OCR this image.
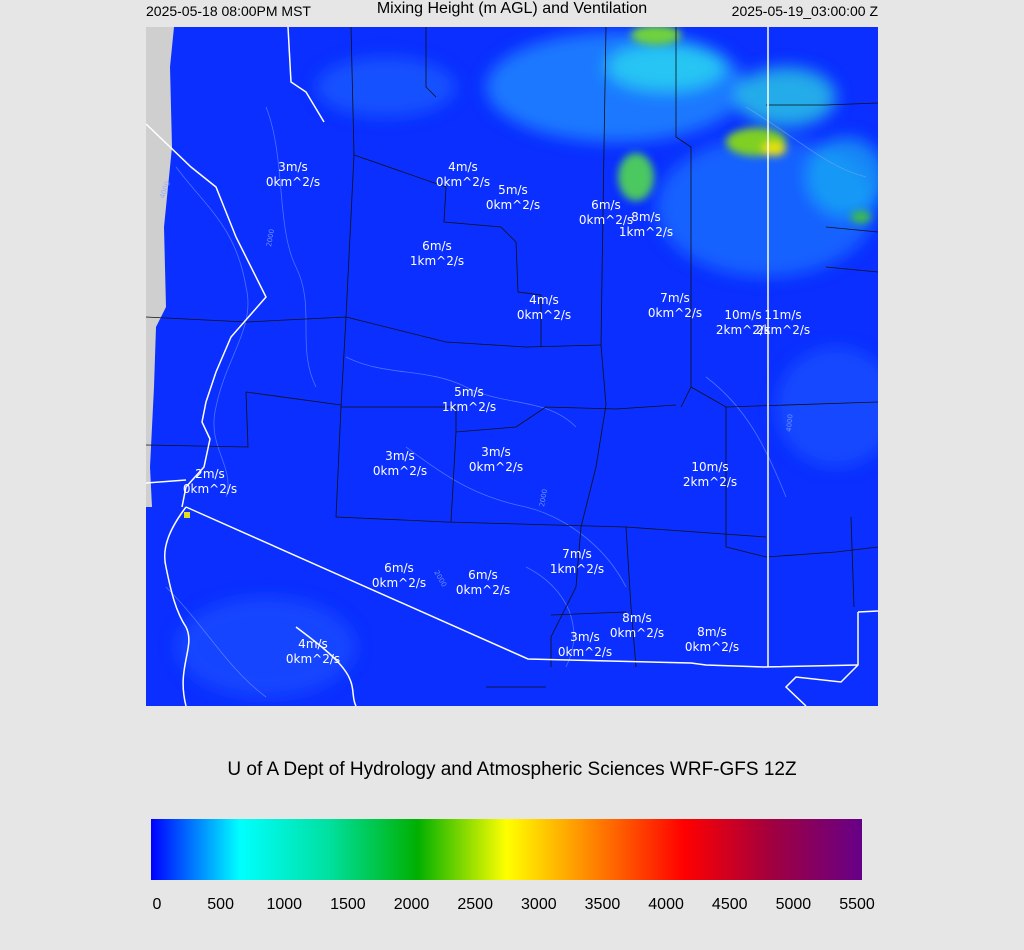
2025-05-18 08:00PM MST	Mixing Height (m AGL) and Ventilation	2025-05-19_03:00:00 Z
4000
2000
2000
2000
4000
3m/s
0km^2/s
4m/s
0km^2/s
5m/s
0km^2/s	6m/s
0km^2/s
8m/s
1km^2/s
6m/s
1km^2/s
4m/s
0km^2/s
7m/s
0km^2/s	10m/s
2km^2/s
11m/s
2km^2/s
5m/s
1km^2/s
3m/s
0km^2/s
3m/s
0km^2/s	10m/s
2km^2/s
2m/s
0km^2/s
7m/s
1km^2/s
6m/s
0km^2/s
6m/s
0km^2/s
8m/s
0km^2/s	8m/s
0km^2/s
3m/s
0km^2/s
4m/s
0km^2/s
U of A Dept of Hydrology and Atmospheric Sciences WRF-GFS 12Z
0	500 1000 1500 2000 2500 3000 3500 4000 4500 5000 5500
